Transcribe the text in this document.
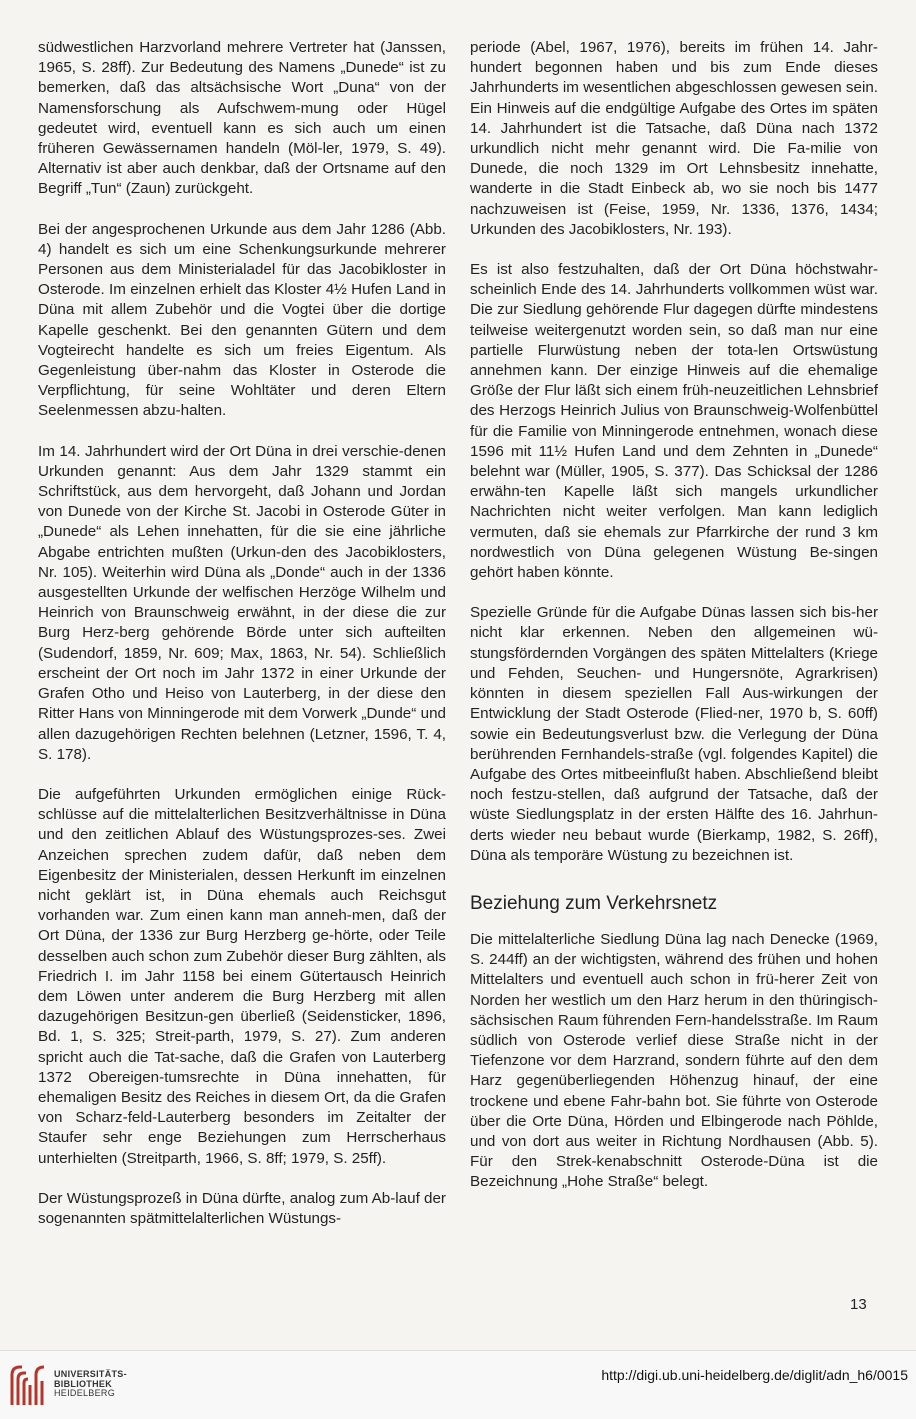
südwestlichen Harzvorland mehrere Vertreter hat (Janssen, 1965, S. 28ff). Zur Bedeutung des Namens „Dunede“ ist zu bemerken, daß das altsächsische Wort „Duna“ von der Namensforschung als Aufschwem-mung oder Hügel gedeutet wird, eventuell kann es sich auch um einen früheren Gewässernamen handeln (Möl-ler, 1979, S. 49). Alternativ ist aber auch denkbar, daß der Ortsname auf den Begriff „Tun“ (Zaun) zurückgeht.

Bei der angesprochenen Urkunde aus dem Jahr 1286 (Abb. 4) handelt es sich um eine Schenkungsurkunde mehrerer Personen aus dem Ministerialadel für das Jacobikloster in Osterode. Im einzelnen erhielt das Kloster 4½ Hufen Land in Düna mit allem Zubehör und die Vogtei über die dortige Kapelle geschenkt. Bei den genannten Gütern und dem Vogteirecht handelte es sich um freies Eigentum. Als Gegenleistung über-nahm das Kloster in Osterode die Verpflichtung, für seine Wohltäter und deren Eltern Seelenmessen abzu-halten.

Im 14. Jahrhundert wird der Ort Düna in drei verschie-denen Urkunden genannt: Aus dem Jahr 1329 stammt ein Schriftstück, aus dem hervorgeht, daß Johann und Jordan von Dunede von der Kirche St. Jacobi in Osterode Güter in „Dunede“ als Lehen innehatten, für die sie eine jährliche Abgabe entrichten mußten (Urkun-den des Jacobiklosters, Nr. 105). Weiterhin wird Düna als „Donde“ auch in der 1336 ausgestellten Urkunde der welfischen Herzöge Wilhelm und Heinrich von Braunschweig erwähnt, in der diese die zur Burg Herz-berg gehörende Börde unter sich aufteilten (Sudendorf, 1859, Nr. 609; Max, 1863, Nr. 54). Schließlich erscheint der Ort noch im Jahr 1372 in einer Urkunde der Grafen Otho und Heiso von Lauterberg, in der diese den Ritter Hans von Minningerode mit dem Vorwerk „Dunde“ und allen dazugehörigen Rechten belehnen (Letzner, 1596, T. 4, S. 178).

Die aufgeführten Urkunden ermöglichen einige Rück-schlüsse auf die mittelalterlichen Besitzverhältnisse in Düna und den zeitlichen Ablauf des Wüstungsprozes-ses. Zwei Anzeichen sprechen zudem dafür, daß neben dem Eigenbesitz der Ministerialen, dessen Herkunft im einzelnen nicht geklärt ist, in Düna ehemals auch Reichsgut vorhanden war. Zum einen kann man anneh-men, daß der Ort Düna, der 1336 zur Burg Herzberg ge-hörte, oder Teile desselben auch schon zum Zubehör dieser Burg zählten, als Friedrich I. im Jahr 1158 bei einem Gütertausch Heinrich dem Löwen unter anderem die Burg Herzberg mit allen dazugehörigen Besitzun-gen überließ (Seidensticker, 1896, Bd. 1, S. 325; Streit-parth, 1979, S. 27). Zum anderen spricht auch die Tat-sache, daß die Grafen von Lauterberg 1372 Obereigen-tumsrechte in Düna innehatten, für ehemaligen Besitz des Reiches in diesem Ort, da die Grafen von Scharz-feld-Lauterberg besonders im Zeitalter der Staufer sehr enge Beziehungen zum Herrscherhaus unterhielten (Streitparth, 1966, S. 8ff; 1979, S. 25ff).

Der Wüstungsprozeß in Düna dürfte, analog zum Ab-lauf der sogenannten spätmittelalterlichen Wüstungs-

periode (Abel, 1967, 1976), bereits im frühen 14. Jahr-hundert begonnen haben und bis zum Ende dieses Jahrhunderts im wesentlichen abgeschlossen gewesen sein. Ein Hinweis auf die endgültige Aufgabe des Ortes im späten 14. Jahrhundert ist die Tatsache, daß Düna nach 1372 urkundlich nicht mehr genannt wird. Die Fa-milie von Dunede, die noch 1329 im Ort Lehnsbesitz innehatte, wanderte in die Stadt Einbeck ab, wo sie noch bis 1477 nachzuweisen ist (Feise, 1959, Nr. 1336, 1376, 1434; Urkunden des Jacobiklosters, Nr. 193).

Es ist also festzuhalten, daß der Ort Düna höchstwahr-scheinlich Ende des 14. Jahrhunderts vollkommen wüst war. Die zur Siedlung gehörende Flur dagegen dürfte mindestens teilweise weitergenutzt worden sein, so daß man nur eine partielle Flurwüstung neben der tota-len Ortswüstung annehmen kann. Der einzige Hinweis auf die ehemalige Größe der Flur läßt sich einem früh-neuzeitlichen Lehnsbrief des Herzogs Heinrich Julius von Braunschweig-Wolfenbüttel für die Familie von Minningerode entnehmen, wonach diese 1596 mit 11½ Hufen Land und dem Zehnten in „Dunede“ belehnt war (Müller, 1905, S. 377). Das Schicksal der 1286 erwähn-ten Kapelle läßt sich mangels urkundlicher Nachrichten nicht weiter verfolgen. Man kann lediglich vermuten, daß sie ehemals zur Pfarrkirche der rund 3 km nordwestlich von Düna gelegenen Wüstung Be-singen gehört haben könnte.

Spezielle Gründe für die Aufgabe Dünas lassen sich bis-her nicht klar erkennen. Neben den allgemeinen wü-stungsfördernden Vorgängen des späten Mittelalters (Kriege und Fehden, Seuchen- und Hungersnöte, Agrarkrisen) könnten in diesem speziellen Fall Aus-wirkungen der Entwicklung der Stadt Osterode (Flied-ner, 1970 b, S. 60ff) sowie ein Bedeutungsverlust bzw. die Verlegung der Düna berührenden Fernhandels-straße (vgl. folgendes Kapitel) die Aufgabe des Ortes mitbeeinflußt haben. Abschließend bleibt noch festzu-stellen, daß aufgrund der Tatsache, daß der wüste Siedlungsplatz in der ersten Hälfte des 16. Jahrhun-derts wieder neu bebaut wurde (Bierkamp, 1982, S. 26ff), Düna als temporäre Wüstung zu bezeichnen ist.

Beziehung zum Verkehrsnetz

Die mittelalterliche Siedlung Düna lag nach Denecke (1969, S. 244ff) an der wichtigsten, während des frühen und hohen Mittelalters und eventuell auch schon in frü-herer Zeit von Norden her westlich um den Harz herum in den thüringisch-sächsischen Raum führenden Fern-handelsstraße. Im Raum südlich von Osterode verlief diese Straße nicht in der Tiefenzone vor dem Harzrand, sondern führte auf den dem Harz gegenüberliegenden Höhenzug hinauf, der eine trockene und ebene Fahr-bahn bot. Sie führte von Osterode über die Orte Düna, Hörden und Elbingerode nach Pöhlde, und von dort aus weiter in Richtung Nordhausen (Abb. 5). Für den Strek-kenabschnitt Osterode-Düna ist die Bezeichnung „Hohe Straße“ belegt.

13
UNIVERSITÄTS-
BIBLIOTHEK
HEIDELBERG
http://digi.ub.uni-heidelberg.de/diglit/adn_h6/0015
